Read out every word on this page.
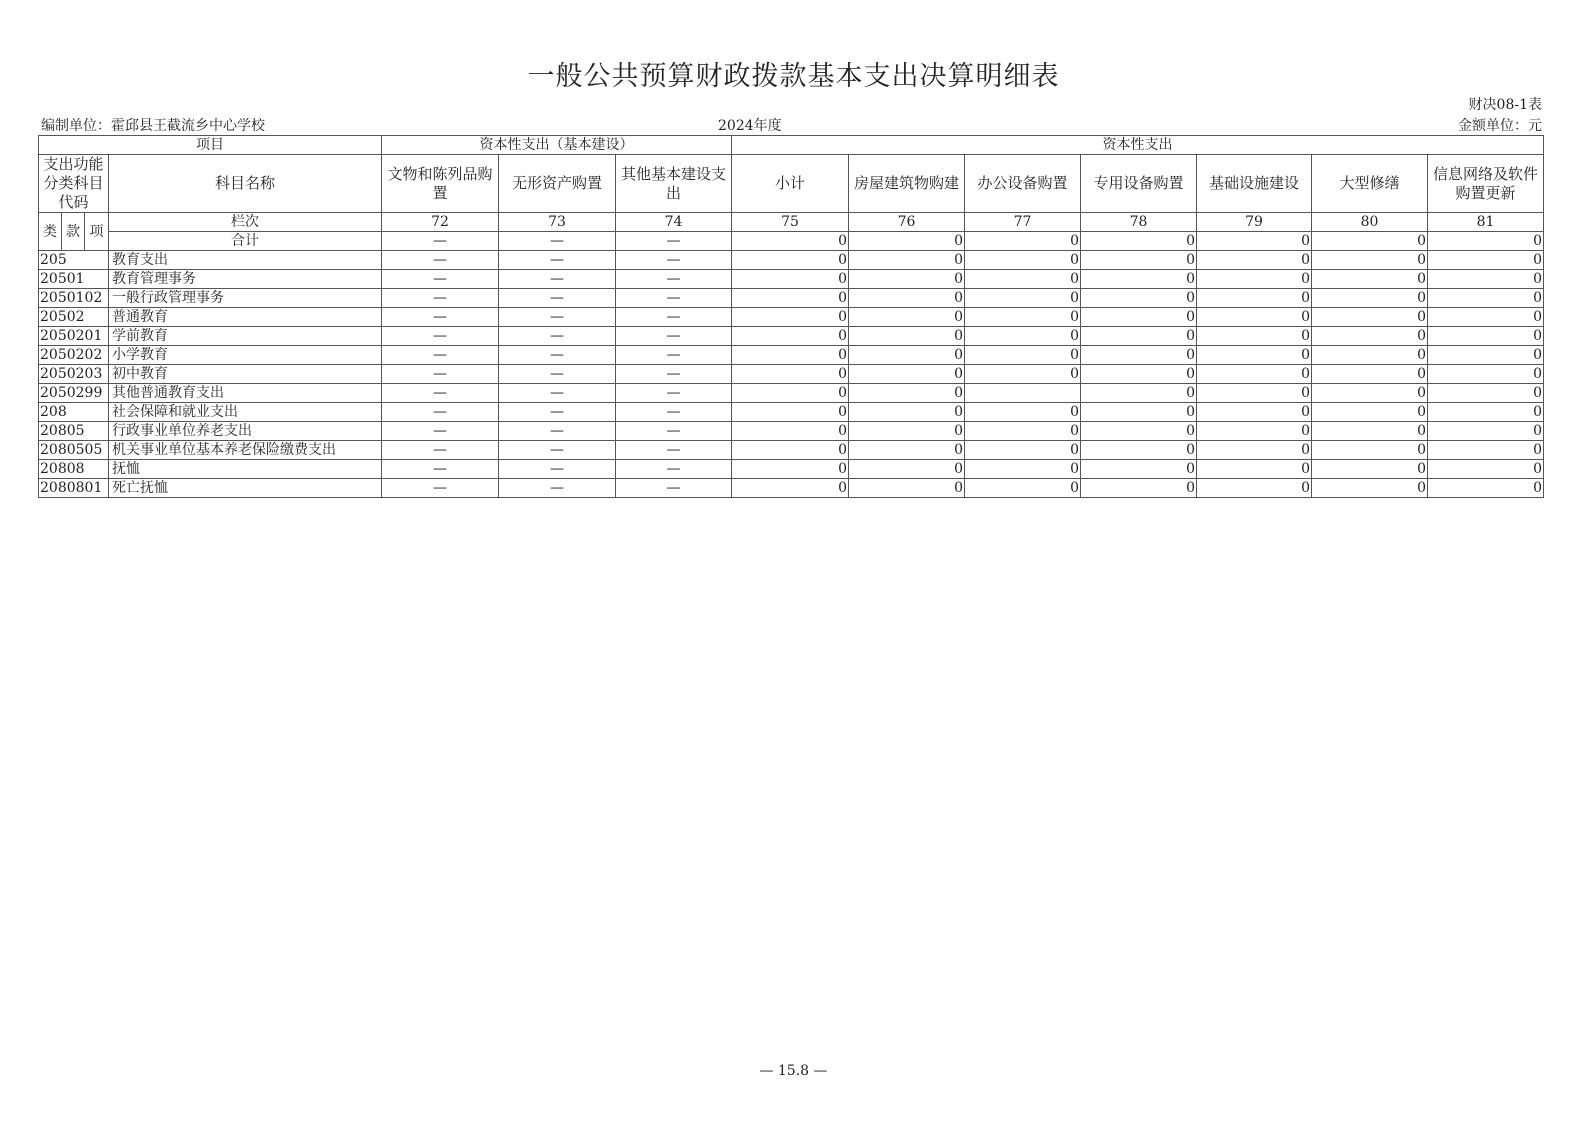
一般公共预算财政拨款基本支出决算明细表
财决08-1表
编制单位：霍邱县王截流乡中心学校	2024年度	金额单位：元
项目				资本性支出（基本建设）			资本性支出						
支出功能分类科目代码			科目名称	文物和陈列品购置	无形资产购置	其他基本建设支出	小计	房屋建筑物购建	办公设备购置	专用设备购置	基础设施建设	大型修缮	信息网络及软件购置更新
类	款	项	栏次	72	73	74	75	76	77	78	79	80	81
			合计	—	—	—	0	0	0	0	0	0	0
205			教育支出	—	—	—	0	0	0	0	0	0	0
20501			教育管理事务	—	—	—	0	0	0	0	0	0	0
2050102			一般行政管理事务	—	—	—	0	0	0	0	0	0	0
20502			普通教育	—	—	—	0	0	0	0	0	0	0
2050201			学前教育	—	—	—	0	0	0	0	0	0	0
2050202			小学教育	—	—	—	0	0	0	0	0	0	0
2050203			初中教育	—	—	—	0	0	0	0	0	0	0
2050299			其他普通教育支出	—	—	—	0	0		0	0	0	0
208			社会保障和就业支出	—	—	—	0	0	0	0	0	0	0
20805			行政事业单位养老支出	—	—	—	0	0	0	0	0	0	0
2080505			机关事业单位基本养老保险缴费支出	—	—	—	0	0	0	0	0	0	0
20808			抚恤	—	—	—	0	0	0	0	0	0	0
2080801			死亡抚恤	—	—	—	0	0	0	0	0	0	0
— 15.8 —
